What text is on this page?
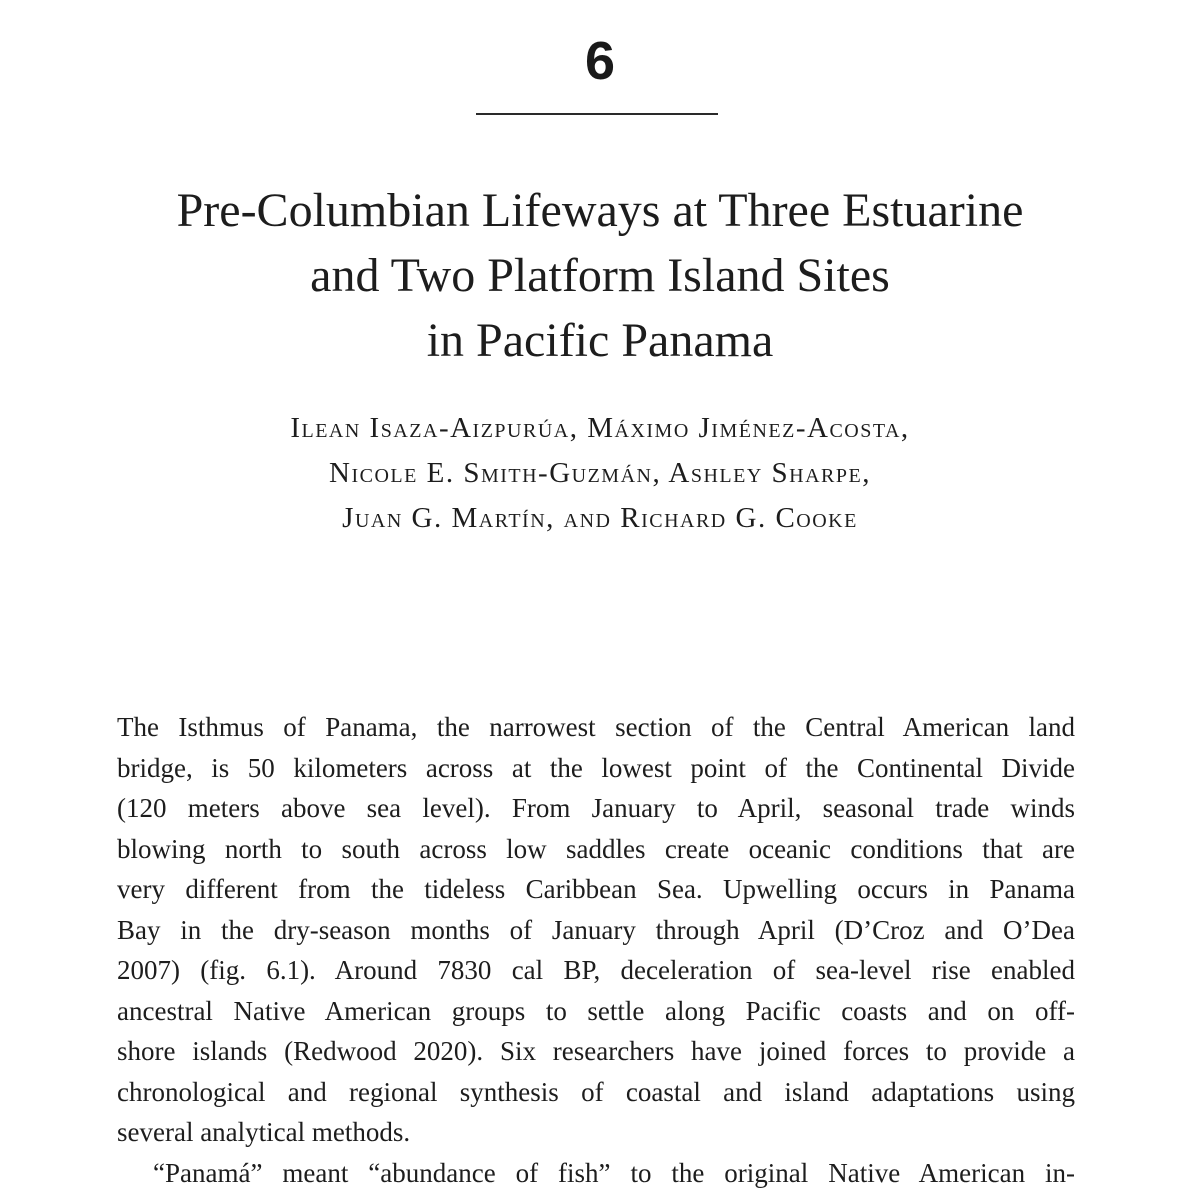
6
Pre-Columbian Lifeways at Three Estuarine
and Two Platform Island Sites
in Pacific Panama
Ilean Isaza-Aizpurúa, Máximo Jiménez-Acosta,
Nicole E. Smith-Guzmán, Ashley Sharpe,
Juan G. Martín, and Richard G. Cooke
The Isthmus of Panama, the narrowest section of the Central American land
bridge, is 50 kilometers across at the lowest point of the Continental Divide
(120 meters above sea level). From January to April, seasonal trade winds
blowing north to south across low saddles create oceanic conditions that are
very different from the tideless Caribbean Sea. Upwelling occurs in Panama
Bay in the dry-season months of January through April (D’Croz and O’Dea
2007) (fig. 6.1). Around 7830 cal BP, deceleration of sea-level rise enabled
ancestral Native American groups to settle along Pacific coasts and on off-
shore islands (Redwood 2020). Six researchers have joined forces to provide a
chronological and regional synthesis of coastal and island adaptations using
several analytical methods.
“Panamá” meant “abundance of fish” to the original Native American in-
